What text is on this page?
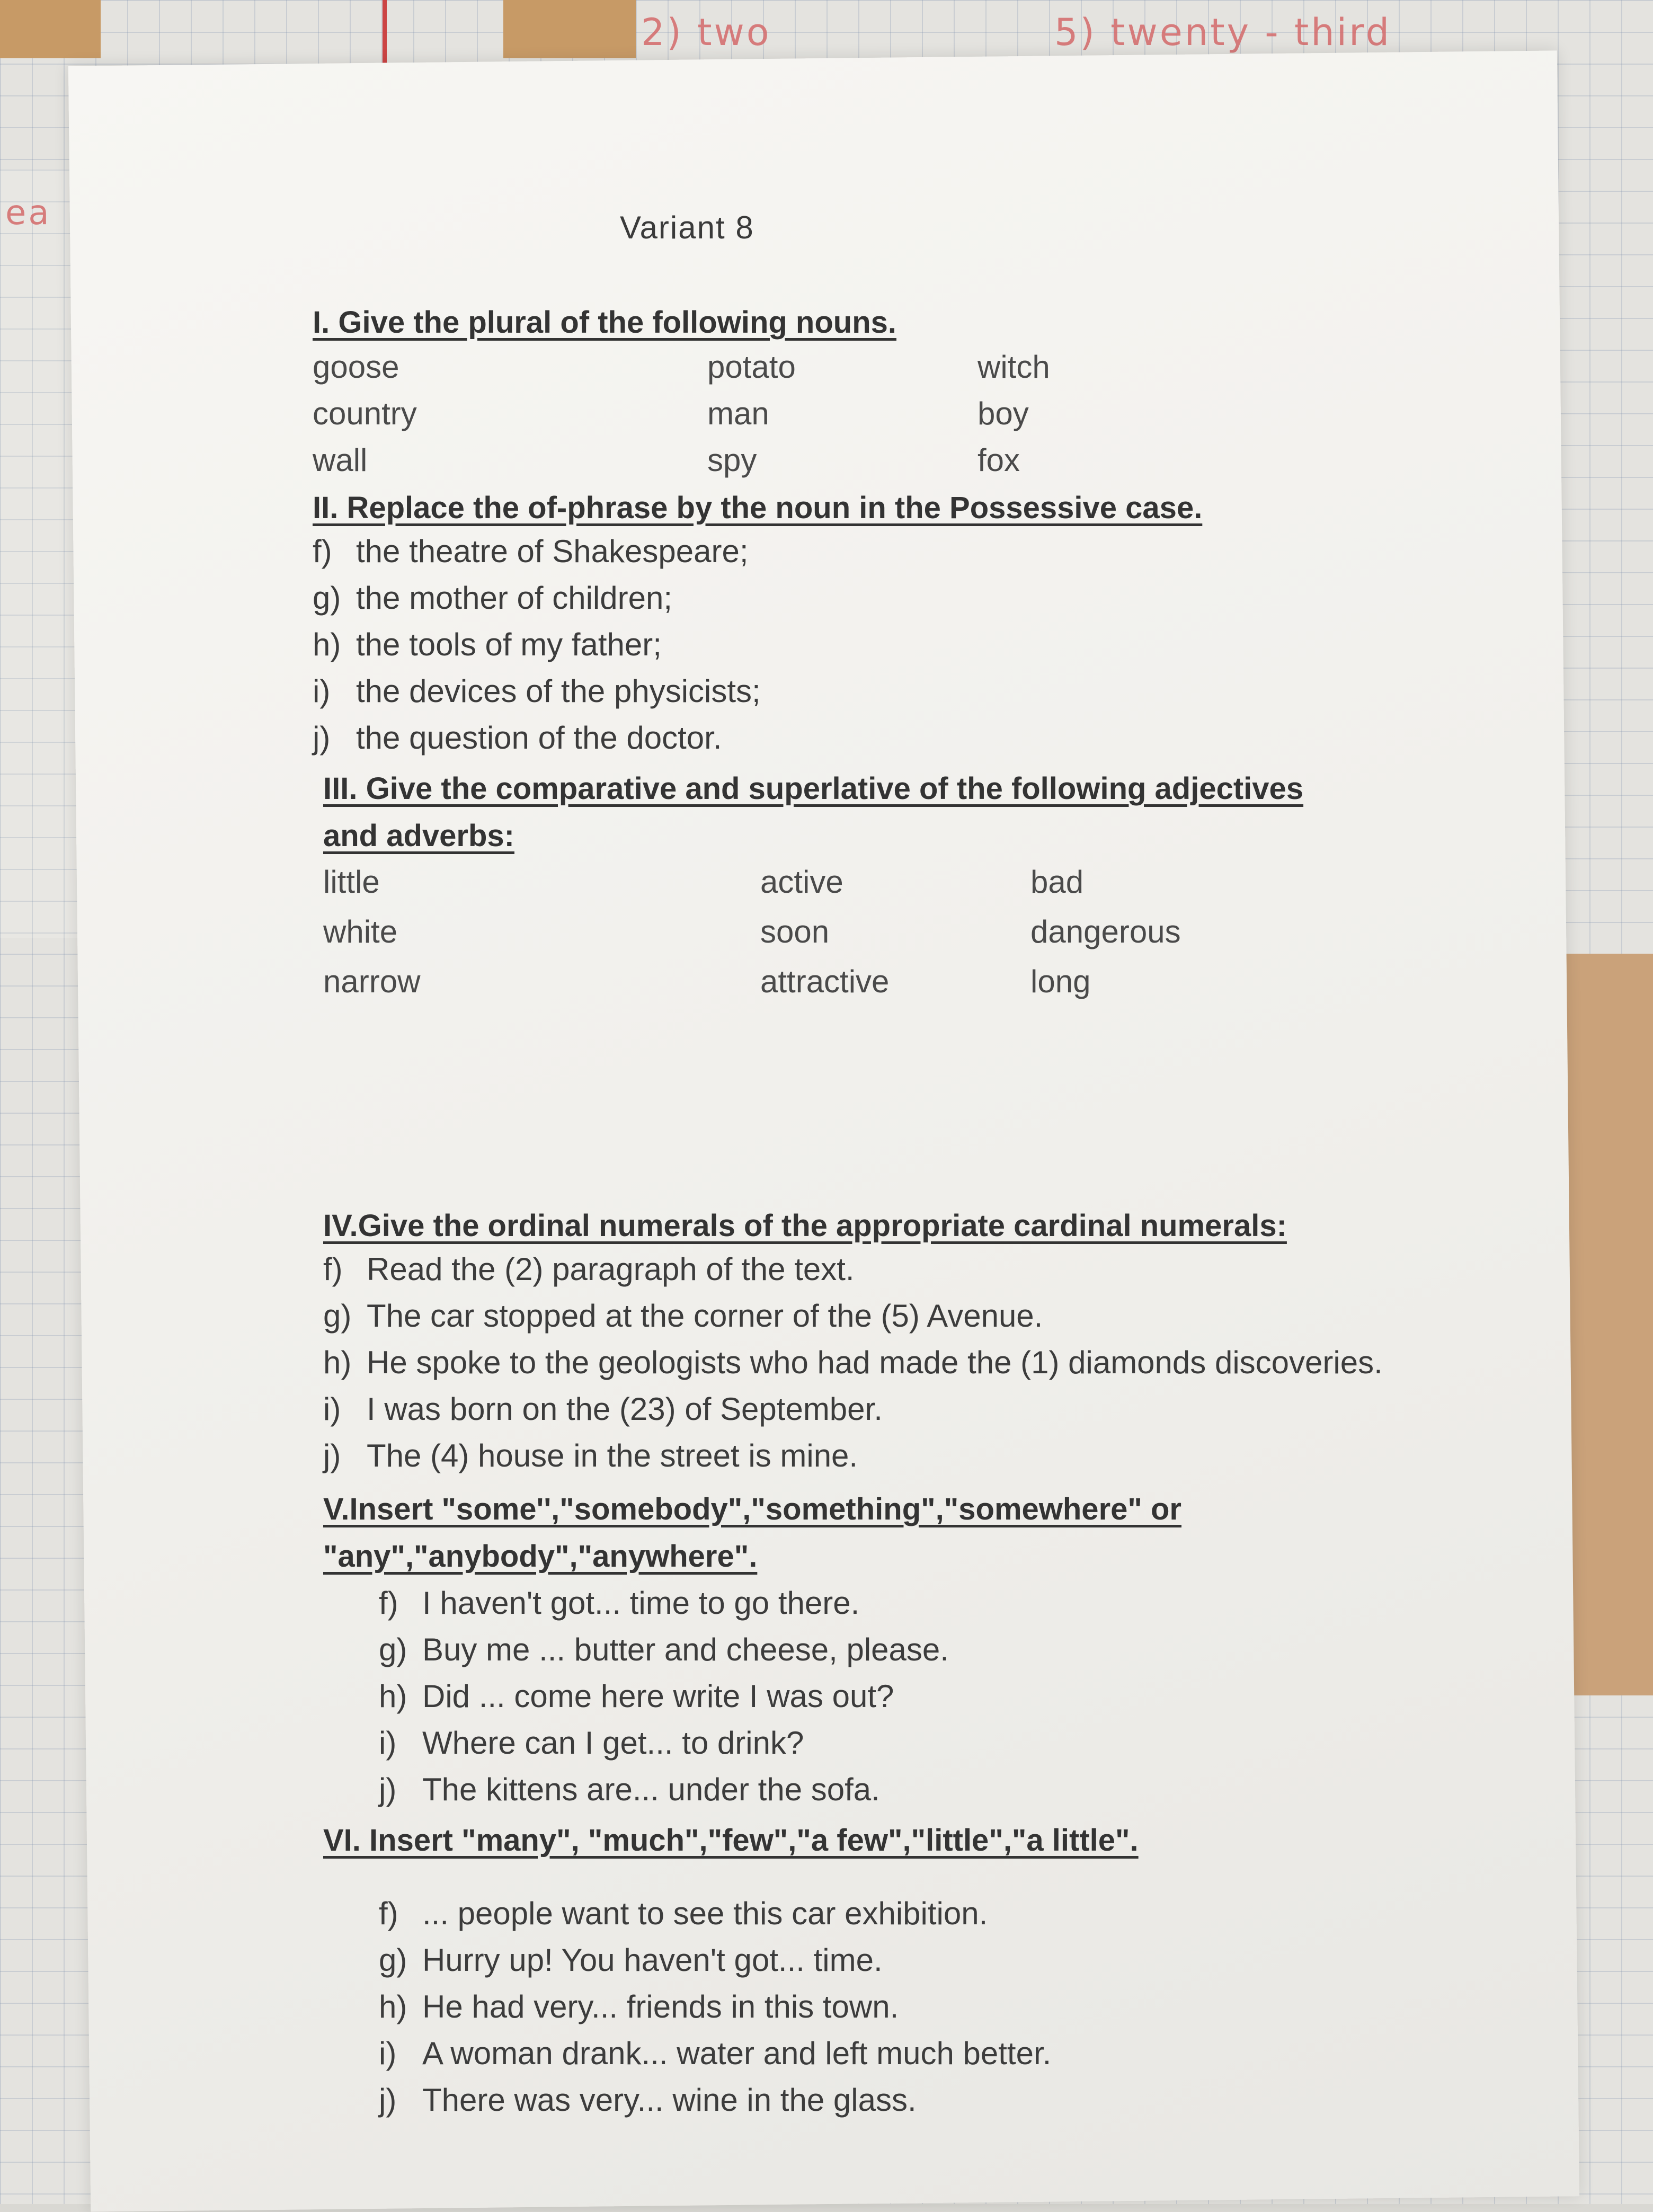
ea
2) two	5) twenty - third
Variant 8

I. Give the plural of the following nouns.

goose	potato	witch
country	man	boy
wall	spy	fox

II. Replace the of-phrase by the noun in the Possessive case.

f) the theatre of Shakespeare;
g) the mother of children;
h) the tools of my father;
i) the devices of the physicists;
j) the question of the doctor.

III. Give the comparative and superlative of the following adjectives

and adverbs:

little	active	bad
white	soon	dangerous
narrow	attractive	long

IV.Give the ordinal numerals of the appropriate cardinal numerals:

f) Read the (2) paragraph of the text.
g) The car stopped at the corner of the (5) Avenue.
h) He spoke to the geologists who had made the (1) diamonds discoveries.
i) I was born on the (23) of September.
j) The (4) house in the street is mine.

V.Insert "some'',"somebody","something","somewhere" or

"any","anybody","anywhere".

f) I haven't got... time to go there.
g) Buy me ... butter and cheese, please.
h) Did ... come here write I was out?
i) Where can I get... to drink?
j) The kittens are... under the sofa.

VI. Insert "many", "much","few","a few","little","a little".

f) ... people want to see this car exhibition.
g) Hurry up! You haven't got... time.
h) He had very... friends in this town.
i) A woman drank... water and left much better.
j) There was very... wine in the glass.
